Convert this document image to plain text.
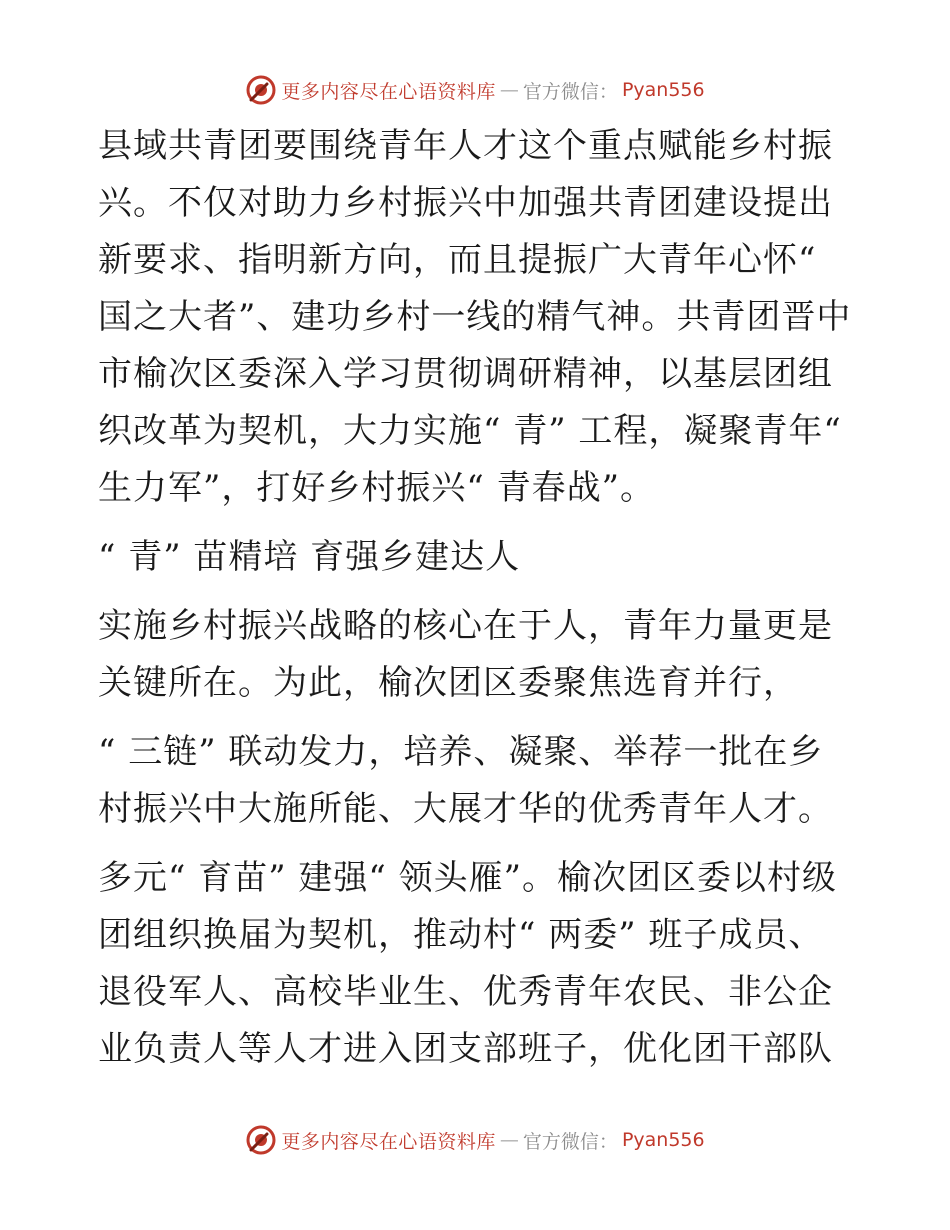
更多内容尽在心语资料库 — 官方微信： Pyan556

县域共青团要围绕青年人才这个重点赋能乡村振兴。不仅对助力乡村振兴中加强共青团建设提出新要求、指明新方向，而且提振广大青年心怀“ 国之大者”、建功乡村一线的精气神。共青团晋中市榆次区委深入学习贯彻调研精神，以基层团组织改革为契机，大力实施“ 青” 工程，凝聚青年“ 生力军”，打好乡村振兴“ 青春战”。

“ 青” 苗精培 育强乡建达人

实施乡村振兴战略的核心在于人，青年力量更是关键所在。为此，榆次团区委聚焦选育并行，

“ 三链” 联动发力，培养、凝聚、举荐一批在乡村振兴中大施所能、大展才华的优秀青年人才。

多元“ 育苗” 建强“ 领头雁”。榆次团区委以村级团组织换届为契机，推动村“ 两委” 班子成员、退役军人、高校毕业生、优秀青年农民、非公企业负责人等人才进入团支部班子，优化团干部队

更多内容尽在心语资料库 — 官方微信： Pyan556
